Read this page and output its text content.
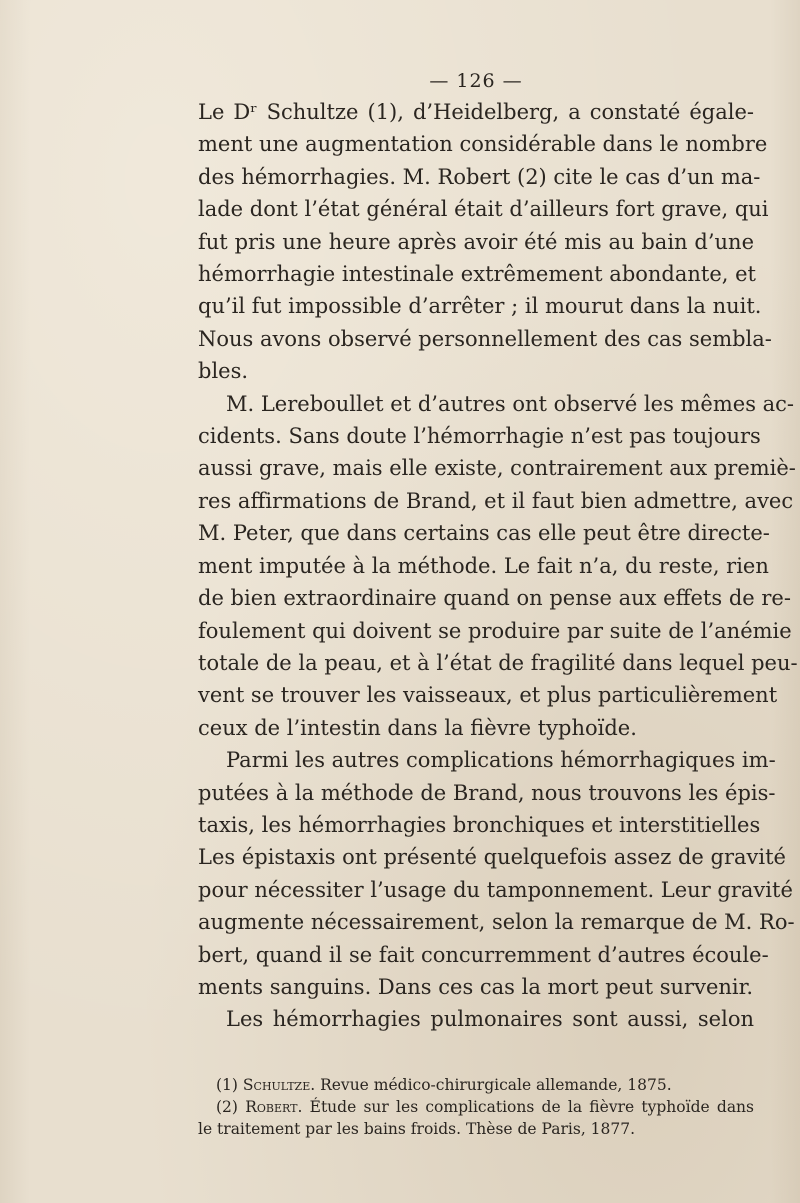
— 126 —

Le Dʳ Schultze (1), d’Heidelberg, a constaté égale-
ment une augmentation considérable dans le nombre
des hémorrhagies. M. Robert (2) cite le cas d’un ma-
lade dont l’état général était d’ailleurs fort grave, qui
fut pris une heure après avoir été mis au bain d’une
hémorrhagie intestinale extrêmement abondante, et
qu’il fut impossible d’arrêter ; il mourut dans la nuit.
Nous avons observé personnellement des cas sembla-
bles.

M. Lereboullet et d’autres ont observé les mêmes ac-
cidents. Sans doute l’hémorrhagie n’est pas toujours
aussi grave, mais elle existe, contrairement aux premiè-
res affirmations de Brand, et il faut bien admettre, avec
M. Peter, que dans certains cas elle peut être directe-
ment imputée à la méthode. Le fait n’a, du reste, rien
de bien extraordinaire quand on pense aux effets de re-
foulement qui doivent se produire par suite de l’anémie
totale de la peau, et à l’état de fragilité dans lequel peu-
vent se trouver les vaisseaux, et plus particulièrement
ceux de l’intestin dans la fièvre typhoïde.

Parmi les autres complications hémorrhagiques im-
putées à la méthode de Brand, nous trouvons les épis-
taxis, les hémorrhagies bronchiques et interstitielles
Les épistaxis ont présenté quelquefois assez de gravité
pour nécessiter l’usage du tamponnement. Leur gravité
augmente nécessairement, selon la remarque de M. Ro-
bert, quand il se fait concurremment d’autres écoule-
ments sanguins. Dans ces cas la mort peut survenir.

Les hémorrhagies pulmonaires sont aussi, selon

(1) Schultze. Revue médico-chirurgicale allemande, 1875.
(2) Robert. Étude sur les complications de la fièvre typhoïde dans
le traitement par les bains froids. Thèse de Paris, 1877.
